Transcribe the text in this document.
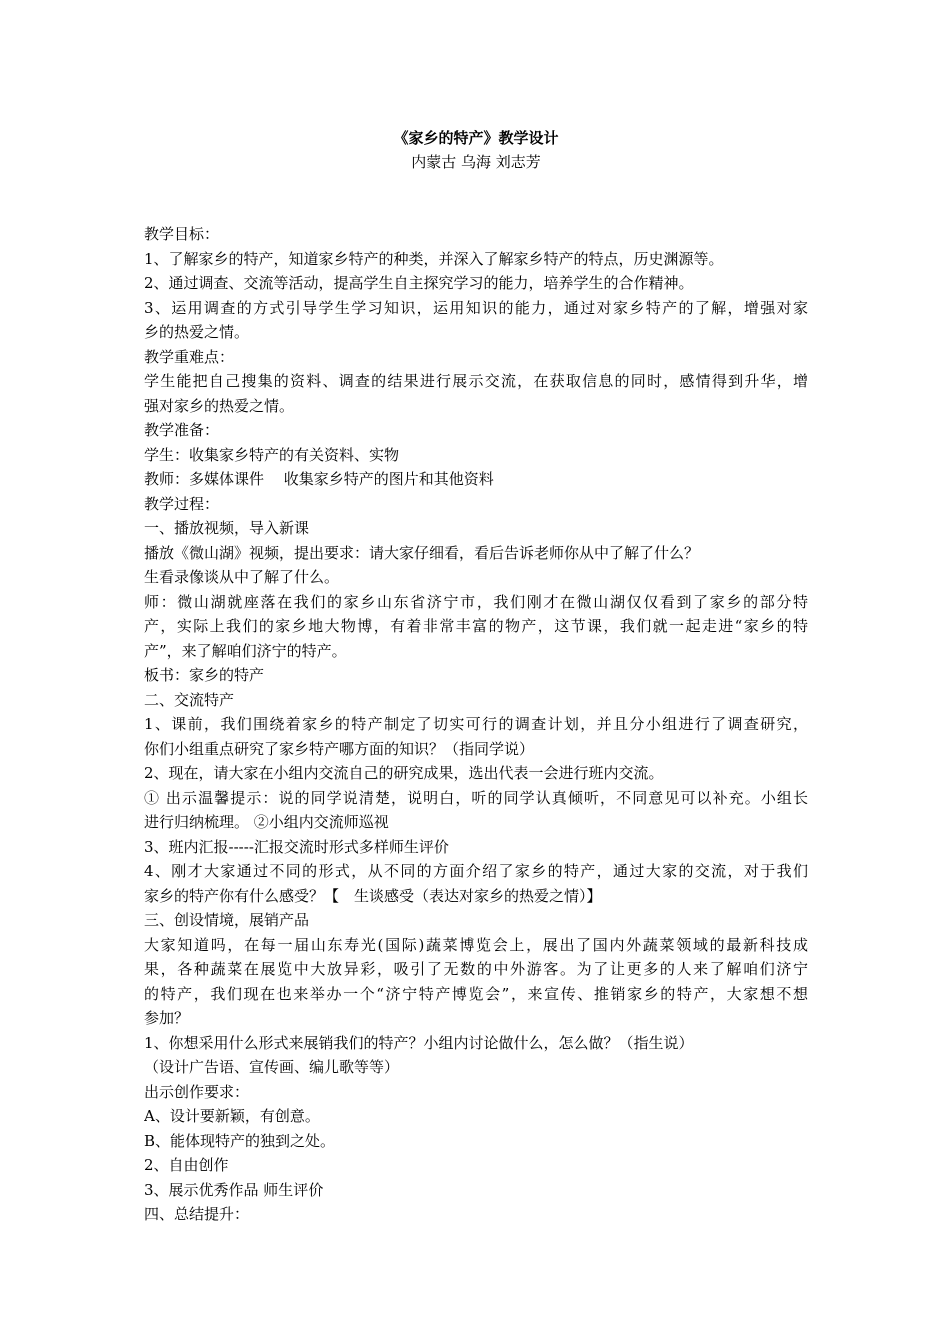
《家乡的特产》教学设计

内蒙古 乌海 刘志芳

教学目标：

1、了解家乡的特产，知道家乡特产的种类，并深入了解家乡特产的特点，历史渊源等。

2、通过调查、交流等活动，提高学生自主探究学习的能力，培养学生的合作精神。

3、运用调查的方式引导学生学习知识，运用知识的能力，通过对家乡特产的了解，增强对家

乡的热爱之情。

教学重难点：

学生能把自己搜集的资料、调查的结果进行展示交流，在获取信息的同时，感情得到升华，增

强对家乡的热爱之情。

教学准备：

学生：收集家乡特产的有关资料、实物

教师：多媒体课件　 收集家乡特产的图片和其他资料

教学过程：

一、播放视频，导入新课

播放《微山湖》视频，提出要求：请大家仔细看，看后告诉老师你从中了解了什么？

生看录像谈从中了解了什么。

师：微山湖就座落在我们的家乡山东省济宁市，我们刚才在微山湖仅仅看到了家乡的部分特

产，实际上我们的家乡地大物博，有着非常丰富的物产，这节课，我们就一起走进“家乡的特

产”，来了解咱们济宁的特产。

板书：家乡的特产

二、交流特产

1、课前，我们围绕着家乡的特产制定了切实可行的调查计划，并且分小组进行了调查研究，

你们小组重点研究了家乡特产哪方面的知识？（指同学说）

2、现在，请大家在小组内交流自己的研究成果，选出代表一会进行班内交流。

① 出示温馨提示：说的同学说清楚，说明白，听的同学认真倾听，不同意见可以补充。小组长

进行归纳梳理。 ②小组内交流师巡视

3、班内汇报-----汇报交流时形式多样师生评价

4、刚才大家通过不同的形式，从不同的方面介绍了家乡的特产，通过大家的交流，对于我们

家乡的特产你有什么感受？【　生谈感受（表达对家乡的热爱之情）】

三、创设情境，展销产品

大家知道吗，在每一届山东寿光(国际)蔬菜博览会上，展出了国内外蔬菜领域的最新科技成

果，各种蔬菜在展览中大放异彩，吸引了无数的中外游客。为了让更多的人来了解咱们济宁

的特产，我们现在也来举办一个“济宁特产博览会”，来宣传、推销家乡的特产，大家想不想

参加？

1、你想采用什么形式来展销我们的特产？小组内讨论做什么，怎么做？（指生说）

（设计广告语、宣传画、编儿歌等等）

出示创作要求：

A、设计要新颖，有创意。

B、能体现特产的独到之处。

2、自由创作

3、展示优秀作品 师生评价

四、总结提升：
